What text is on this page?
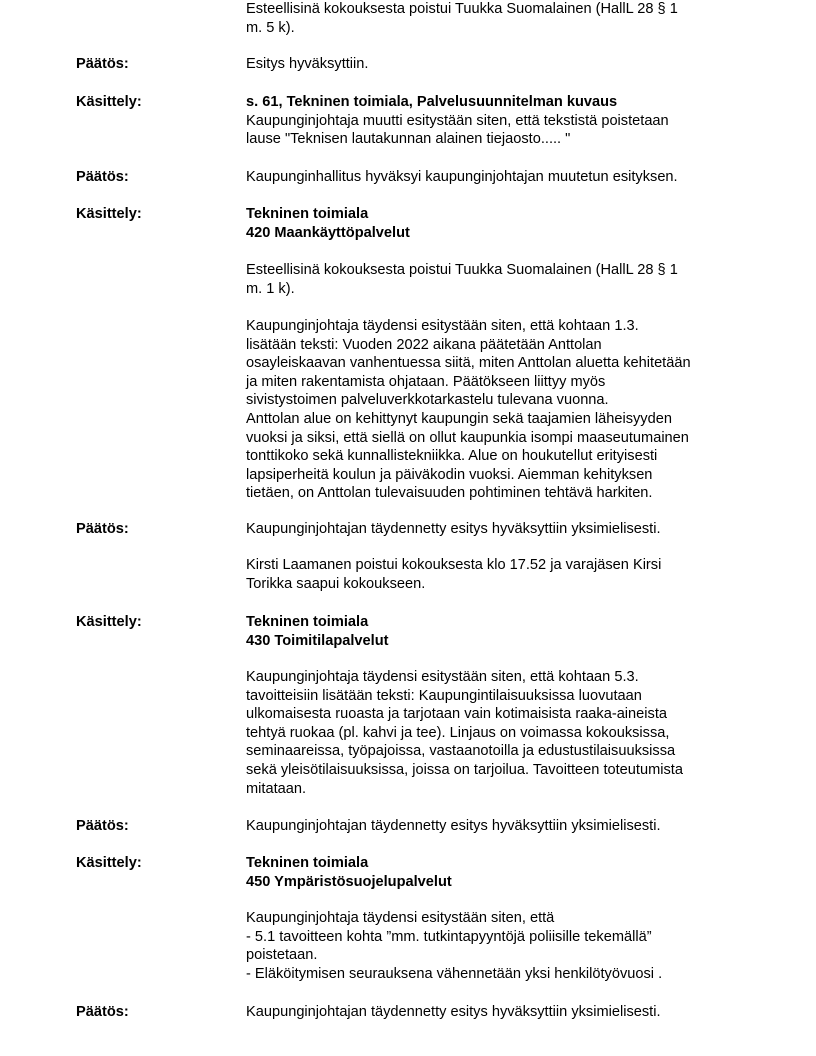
Esteellisinä kokouksesta poistui Tuukka Suomalainen (HallL 28 § 1
m. 5 k).
Päätös:	Esitys hyväksyttiin.
Käsittely:	s. 61, Tekninen toimiala, Palvelusuunnitelman kuvaus
Kaupunginjohtaja muutti esitystään siten, että tekstistä poistetaan
lause "Teknisen lautakunnan alainen tiejaosto..... "
Päätös:	Kaupunginhallitus hyväksyi kaupunginjohtajan muutetun esityksen.
Käsittely:	Tekninen toimiala
420 Maankäyttöpalvelut
Esteellisinä kokouksesta poistui Tuukka Suomalainen (HallL 28 § 1
m. 1 k).
Kaupunginjohtaja täydensi esitystään siten, että kohtaan 1.3.
lisätään teksti: Vuoden 2022 aikana päätetään Anttolan
osayleiskaavan vanhentuessa siitä, miten Anttolan aluetta kehitetään
ja miten rakentamista ohjataan. Päätökseen liittyy myös
sivistystoimen palveluverkkotarkastelu tulevana vuonna.
Anttolan alue on kehittynyt kaupungin sekä taajamien läheisyyden
vuoksi ja siksi, että siellä on ollut kaupunkia isompi maaseutumainen
tonttikoko sekä kunnallistekniikka. Alue on houkutellut erityisesti
lapsiperheitä koulun ja päiväkodin vuoksi. Aiemman kehityksen
tietäen, on Anttolan tulevaisuuden pohtiminen tehtävä harkiten.
Päätös:	Kaupunginjohtajan täydennetty esitys hyväksyttiin yksimielisesti.
Kirsti Laamanen poistui kokouksesta klo 17.52 ja varajäsen Kirsi
Torikka saapui kokoukseen.
Käsittely:	Tekninen toimiala
430 Toimitilapalvelut
Kaupunginjohtaja täydensi esitystään siten, että kohtaan 5.3.
tavoitteisiin lisätään teksti: Kaupungintilaisuuksissa luovutaan
ulkomaisesta ruoasta ja tarjotaan vain kotimaisista raaka-aineista
tehtyä ruokaa (pl. kahvi ja tee). Linjaus on voimassa kokouksissa,
seminaareissa, työpajoissa, vastaanotoilla ja edustustilaisuuksissa
sekä yleisötilaisuuksissa, joissa on tarjoilua. Tavoitteen toteutumista
mitataan.
Päätös:	Kaupunginjohtajan täydennetty esitys hyväksyttiin yksimielisesti.
Käsittely:	Tekninen toimiala
450 Ympäristösuojelupalvelut
Kaupunginjohtaja täydensi esitystään siten, että
- 5.1 tavoitteen kohta ”mm. tutkintapyyntöjä poliisille tekemällä”
poistetaan.
- Eläköitymisen seurauksena vähennetään yksi henkilötyövuosi .
Päätös:	Kaupunginjohtajan täydennetty esitys hyväksyttiin yksimielisesti.
